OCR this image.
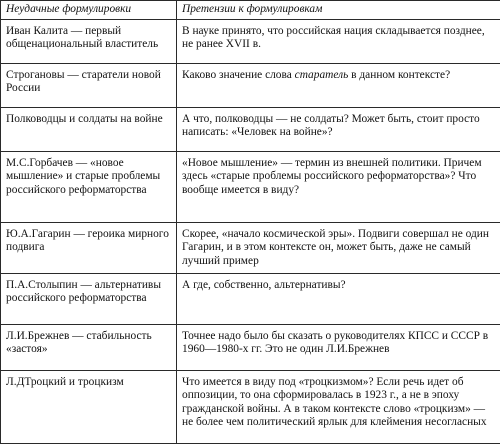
Неудачные формулировки	Претензии к формулировкам

Иван Калита — первый общенациональный властитель	В науке принято, что российская нация складывается позднее, не ранее XVII в.

Строгановы — старатели новой России	Каково значение слова старатель в данном контексте?

Полководцы и солдаты на войне	А что, полководцы — не солдаты? Может быть, стоит просто написать: «Человек на войне»?

М.С.Горбачев — «новое мышление» и старые проблемы российского реформаторства	«Новое мышление» — термин из внешней политики. Причем здесь «старые проблемы российского реформаторства»? Что вообще имеется в виду?

Ю.А.Гагарин — героика мирного подвига	Скорее, «начало космической эры». Подвиги совершал не один Гагарин, и в этом контексте он, может быть, даже не самый лучший пример

П.А.Столыпин — альтернативы российского реформаторства	А где, собственно, альтернативы?

Л.И.Брежнев — стабильность «застоя»	Точнее надо было бы сказать о руководителях КПСС и СССР в 1960—1980-х гг. Это не один Л.И.Брежнев

Л.ДТроцкий и троцкизм	Что имеется в виду под «троцкизмом»? Если речь идет об оппозиции, то она сформировалась в 1923 г., а не в эпоху гражданской войны. А в таком контексте слово «троцкизм» — не более чем политический ярлык для клеймения несогласных
